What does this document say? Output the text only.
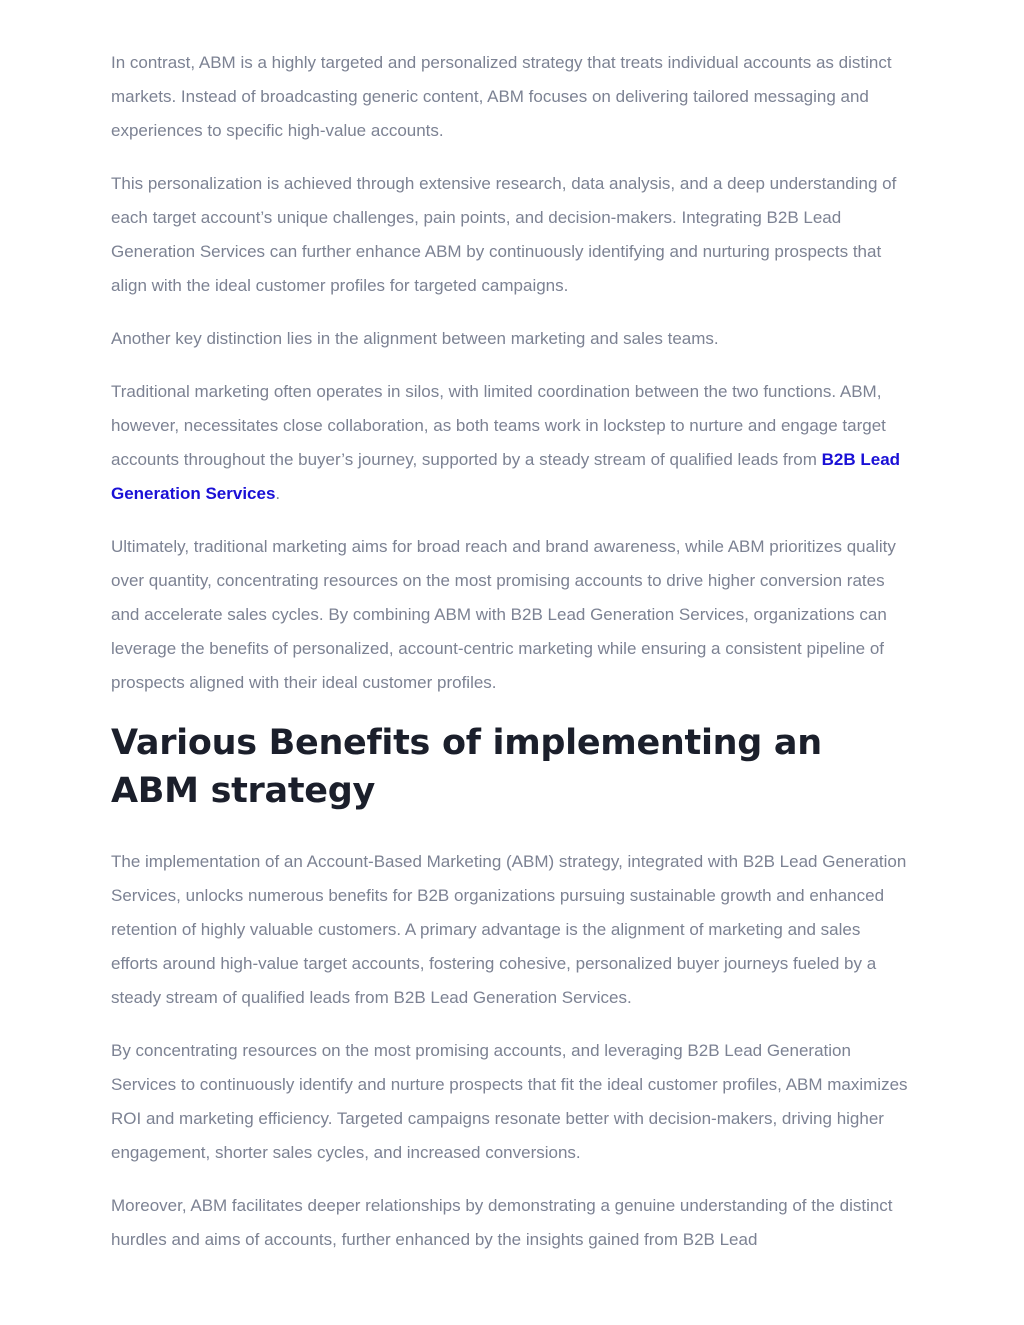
In contrast, ABM is a highly targeted and personalized strategy that treats individual accounts as distinct markets. Instead of broadcasting generic content, ABM focuses on delivering tailored messaging and experiences to specific high-value accounts.

This personalization is achieved through extensive research, data analysis, and a deep understanding of each target account’s unique challenges, pain points, and decision-makers. Integrating B2B Lead Generation Services can further enhance ABM by continuously identifying and nurturing prospects that align with the ideal customer profiles for targeted campaigns.

Another key distinction lies in the alignment between marketing and sales teams.

Traditional marketing often operates in silos, with limited coordination between the two functions. ABM, however, necessitates close collaboration, as both teams work in lockstep to nurture and engage target accounts throughout the buyer’s journey, supported by a steady stream of qualified leads from B2B Lead Generation Services.

Ultimately, traditional marketing aims for broad reach and brand awareness, while ABM prioritizes quality over quantity, concentrating resources on the most promising accounts to drive higher conversion rates and accelerate sales cycles. By combining ABM with B2B Lead Generation Services, organizations can leverage the benefits of personalized, account-centric marketing while ensuring a consistent pipeline of prospects aligned with their ideal customer profiles.

Various Benefits of implementing an ABM strategy

The implementation of an Account-Based Marketing (ABM) strategy, integrated with B2B Lead Generation Services, unlocks numerous benefits for B2B organizations pursuing sustainable growth and enhanced retention of highly valuable customers. A primary advantage is the alignment of marketing and sales efforts around high-value target accounts, fostering cohesive, personalized buyer journeys fueled by a steady stream of qualified leads from B2B Lead Generation Services.

By concentrating resources on the most promising accounts, and leveraging B2B Lead Generation Services to continuously identify and nurture prospects that fit the ideal customer profiles, ABM maximizes ROI and marketing efficiency. Targeted campaigns resonate better with decision-makers, driving higher engagement, shorter sales cycles, and increased conversions.

Moreover, ABM facilitates deeper relationships by demonstrating a genuine understanding of the distinct hurdles and aims of accounts, further enhanced by the insights gained from B2B Lead
